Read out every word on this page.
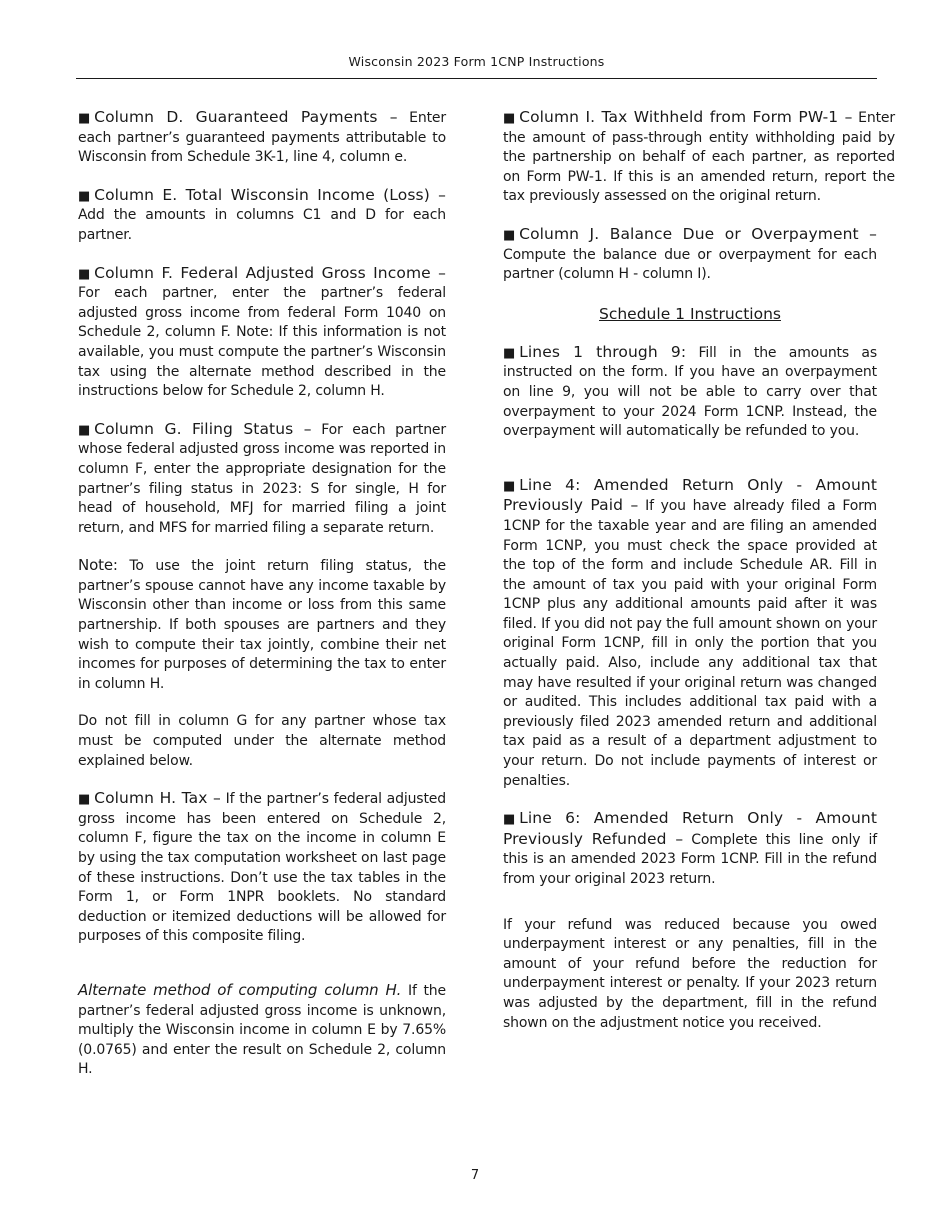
Wisconsin 2023 Form 1CNP Instructions

■ Column D. Guaranteed Payments – Enter each partner’s guaranteed payments attributable to Wisconsin from Schedule 3K-1, line 4, column e.

■ Column E. Total Wisconsin Income (Loss) – Add the amounts in columns C1 and D for each partner.

■ Column F. Federal Adjusted Gross Income – For each partner, enter the partner’s federal adjusted gross income from federal Form 1040 on Schedule 2, column F. Note: If this information is not available, you must compute the partner’s Wisconsin tax using the alternate method described in the instructions below for Schedule 2, column H.

■ Column G. Filing Status – For each partner whose federal adjusted gross income was reported in column F, enter the appropriate designation for the partner’s filing status in 2023: S for single, H for head of household, MFJ for married filing a joint return, and MFS for married filing a separate return.

Note: To use the joint return filing status, the partner’s spouse cannot have any income taxable by Wisconsin other than income or loss from this same partnership. If both spouses are partners and they wish to compute their tax jointly, combine their net incomes for purposes of determining the tax to enter in column H.

Do not fill in column G for any partner whose tax must be computed under the alternate method explained below.

■ Column H. Tax – If the partner’s federal adjusted gross income has been entered on Schedule 2, column F, figure the tax on the income in column E by using the tax computation worksheet on last page of these instructions. Don’t use the tax tables in the Form 1, or Form 1NPR booklets. No standard deduction or itemized deductions will be allowed for purposes of this composite filing.

Alternate method of computing column H. If the partner’s federal adjusted gross income is unknown, multiply the Wisconsin income in column E by 7.65% (0.0765) and enter the result on Schedule 2, column H.

■ Column I. Tax Withheld from Form PW-1 – Enter the amount of pass-through entity withholding paid by the partnership on behalf of each partner, as reported on Form PW-1. If this is an amended return, report the tax previously assessed on the original return.

■ Column J. Balance Due or Overpayment – Compute the balance due or overpayment for each partner (column H - column I).

Schedule 1 Instructions

■ Lines 1 through 9: Fill in the amounts as instructed on the form. If you have an overpayment on line 9, you will not be able to carry over that overpayment to your 2024 Form 1CNP. Instead, the overpayment will automatically be refunded to you.

■ Line 4: Amended Return Only - Amount Previously Paid – If you have already filed a Form 1CNP for the taxable year and are filing an amended Form 1CNP, you must check the space provided at the top of the form and include Schedule AR. Fill in the amount of tax you paid with your original Form 1CNP plus any additional amounts paid after it was filed. If you did not pay the full amount shown on your original Form 1CNP, fill in only the portion that you actually paid. Also, include any additional tax that may have resulted if your original return was changed or audited. This includes additional tax paid with a previously filed 2023 amended return and additional tax paid as a result of a department adjustment to your return. Do not include payments of interest or penalties.

■ Line 6: Amended Return Only - Amount Previously Refunded – Complete this line only if this is an amended 2023 Form 1CNP. Fill in the refund from your original 2023 return.

If your refund was reduced because you owed underpayment interest or any penalties, fill in the amount of your refund before the reduction for underpayment interest or penalty. If your 2023 return was adjusted by the department, fill in the refund shown on the adjustment notice you received.

7
